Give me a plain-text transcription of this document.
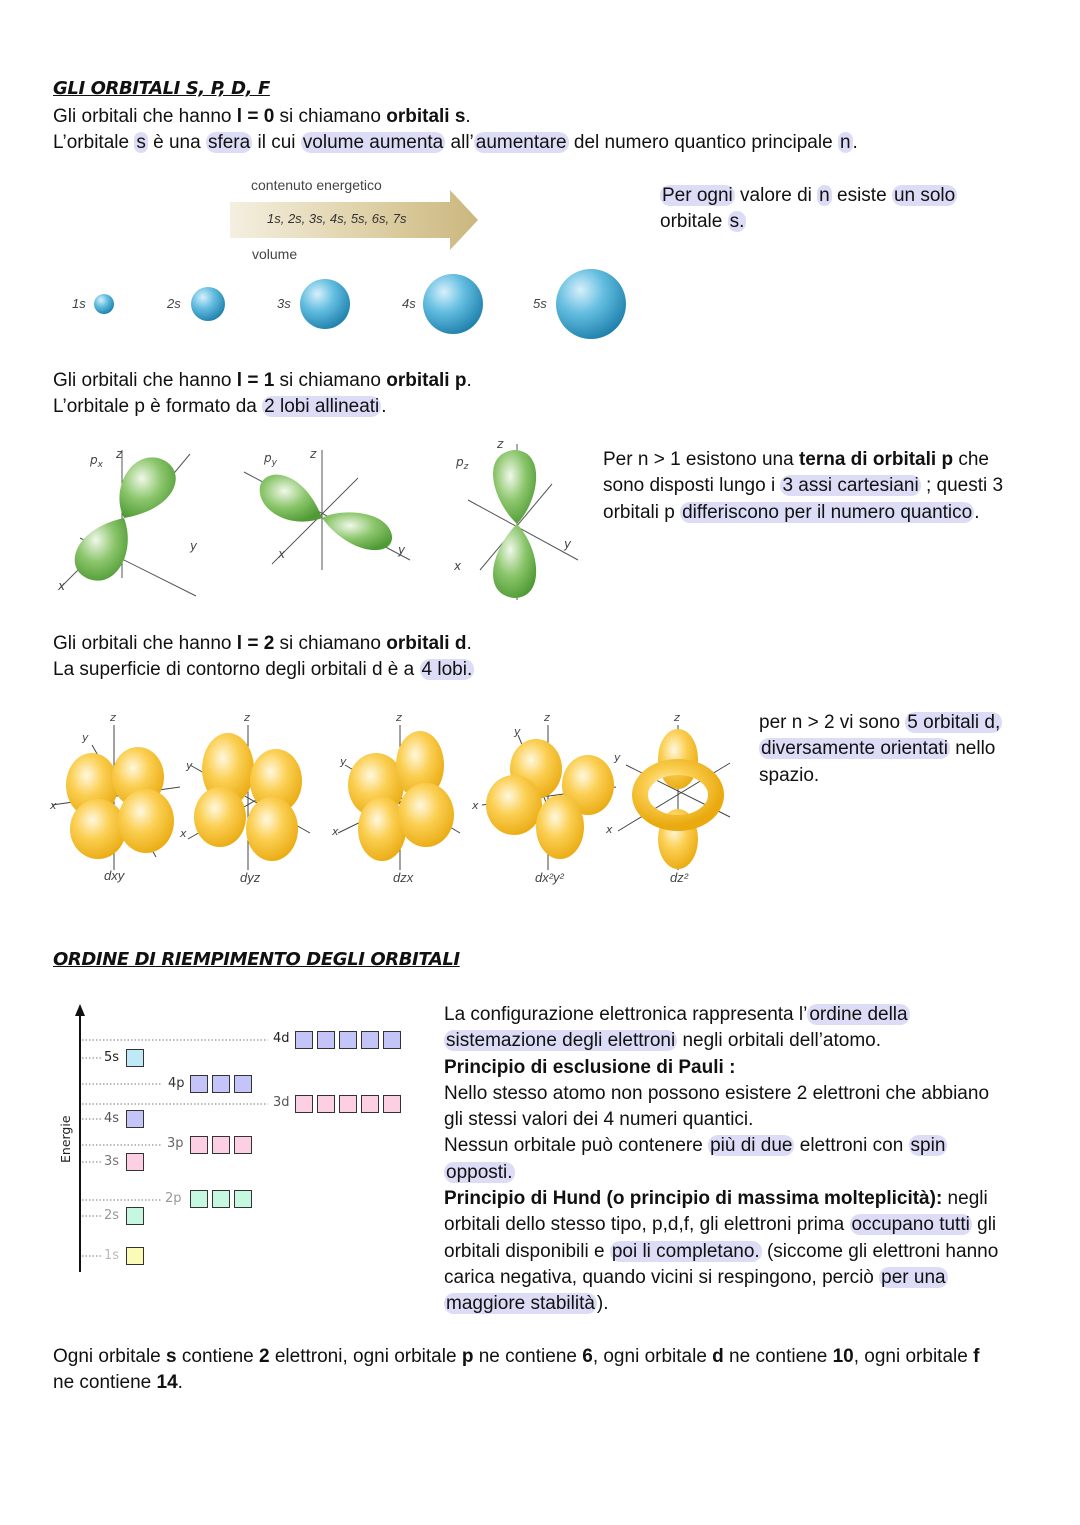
GLI ORBITALI S, P, D, F
Gli orbitali che hanno l = 0 si chiamano orbitali s.
L’orbitale s è una sfera il cui volume aumenta all’ aumentare del numero quantico principale n .
contenuto energetico
1s, 2s, 3s, 4s, 5s, 6s, 7s
volume
1s	2s	3s	4s	5s
Per ogni valore di n esiste un solo
orbitale s.
Gli orbitali che hanno l = 1 si chiamano orbitali p.
L’orbitale p è formato da 2 lobi allineati .
$p_x$
z
y
x
$p_y$
z
y
x
$p_z$
z
y
x
Per n > 1 esistono una terna di orbitali p che
sono disposti lungo i 3 assi cartesiani ; questi 3
orbitali p differiscono per il numero quantico .
Gli orbitali che hanno l = 2 si chiamano orbitali d.
La superficie di contorno degli orbitali d è a 4 lobi.
z
y
x
z
y
x
z
y
x
z
y
x
z
y
x
dxy	dyz	dzx	dx²y²	dz²
per n > 2 vi sono 5 orbitali d,
diversamente orientati nello
spazio.
ORDINE DI RIEMPIMENTO DEGLI ORBITALI
Energie
1s
2s
2p
3s
3p
4s
3d
4p
5s
4d
La configurazione elettronica rappresenta l’ ordine della
sistemazione degli elettroni negli orbitali dell’atomo.
Principio di esclusione di Pauli :
Nello stesso atomo non possono esistere 2 elettroni che abbiano
gli stessi valori dei 4 numeri quantici.
Nessun orbitale può contenere più di due elettroni con spin
opposti.
Principio di Hund (o principio di massima molteplicità): negli
orbitali dello stesso tipo, p,d,f, gli elettroni prima occupano tutti gli
orbitali disponibili e poi li completano. (siccome gli elettroni hanno
carica negativa, quando vicini si respingono, perciò per una
maggiore stabilità ).
Ogni orbitale s contiene 2 elettroni, ogni orbitale p ne contiene 6, ogni orbitale d ne contiene 10, ogni orbitale f
ne contiene 14.
